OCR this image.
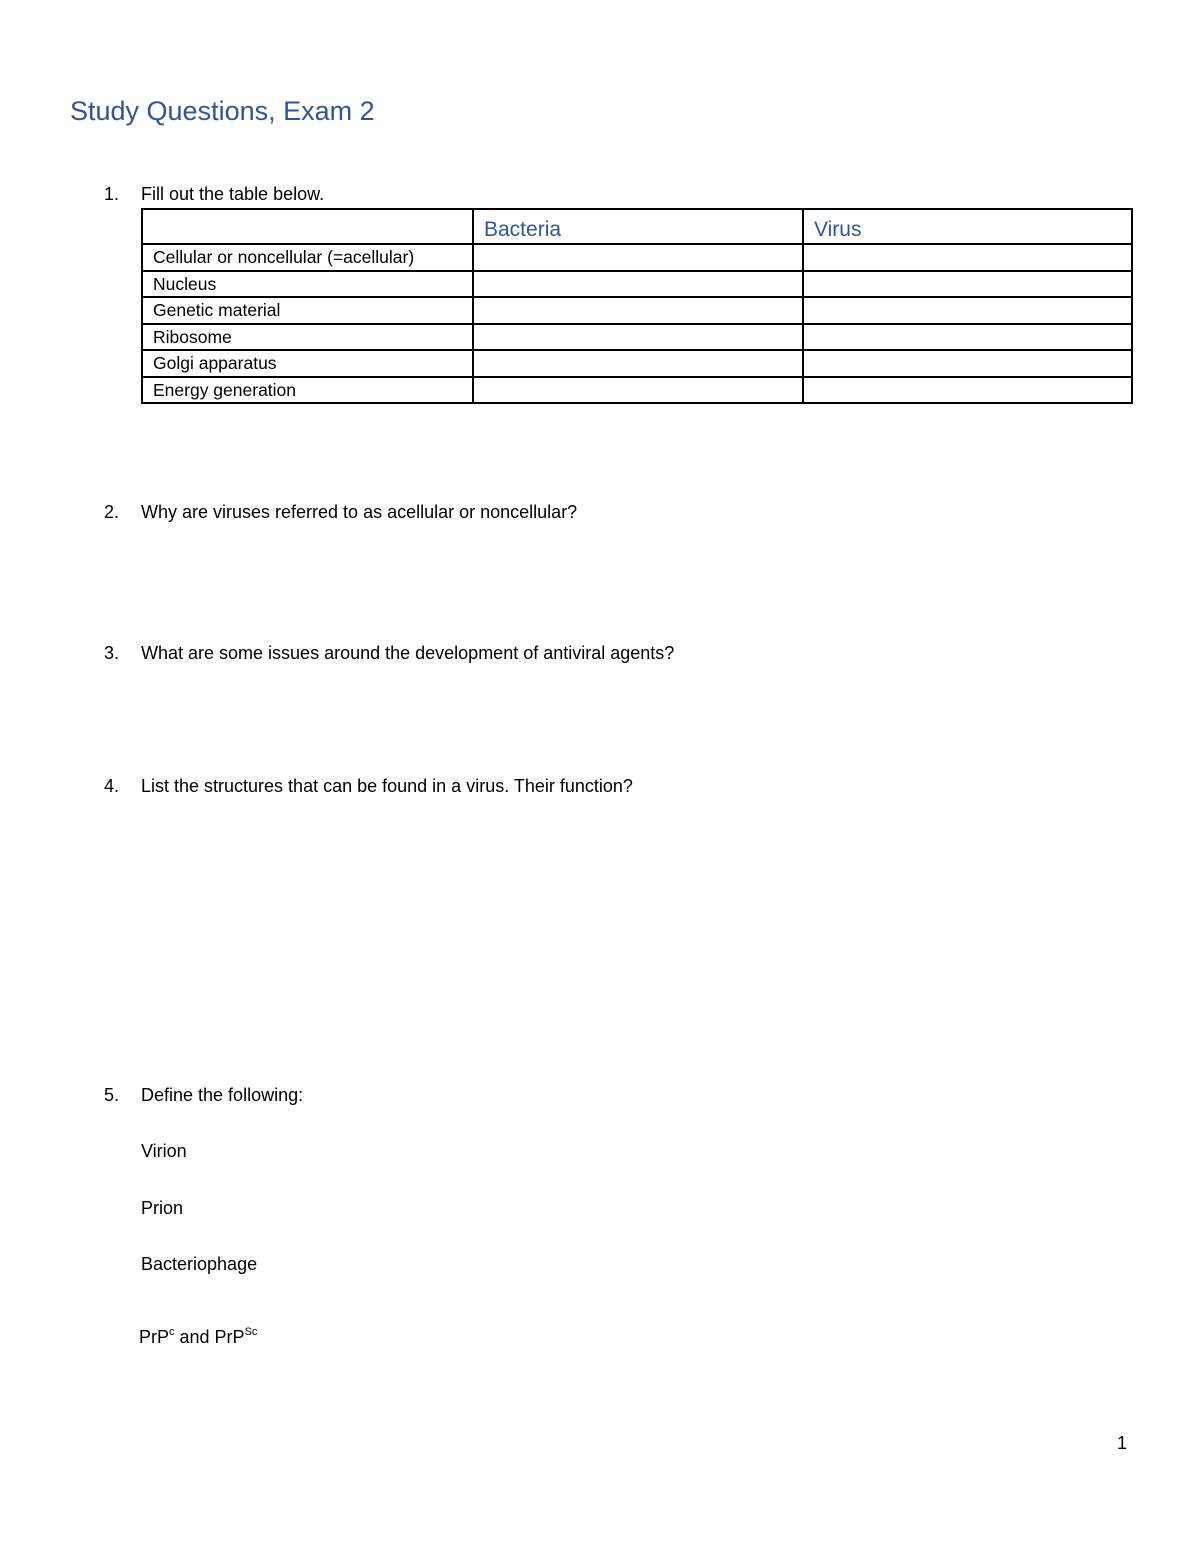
Study Questions, Exam 2
1. Fill out the table below.
	Bacteria	Virus
Cellular or noncellular (=acellular)		
Nucleus		
Genetic material		
Ribosome		
Golgi apparatus		
Energy generation		
2. Why are viruses referred to as acellular or noncellular?
3. What are some issues around the development of antiviral agents?
4. List the structures that can be found in a virus. Their function?
5. Define the following:
Virion
Prion
Bacteriophage
PrP$^c$ and PrP$^{Sc}$
1
